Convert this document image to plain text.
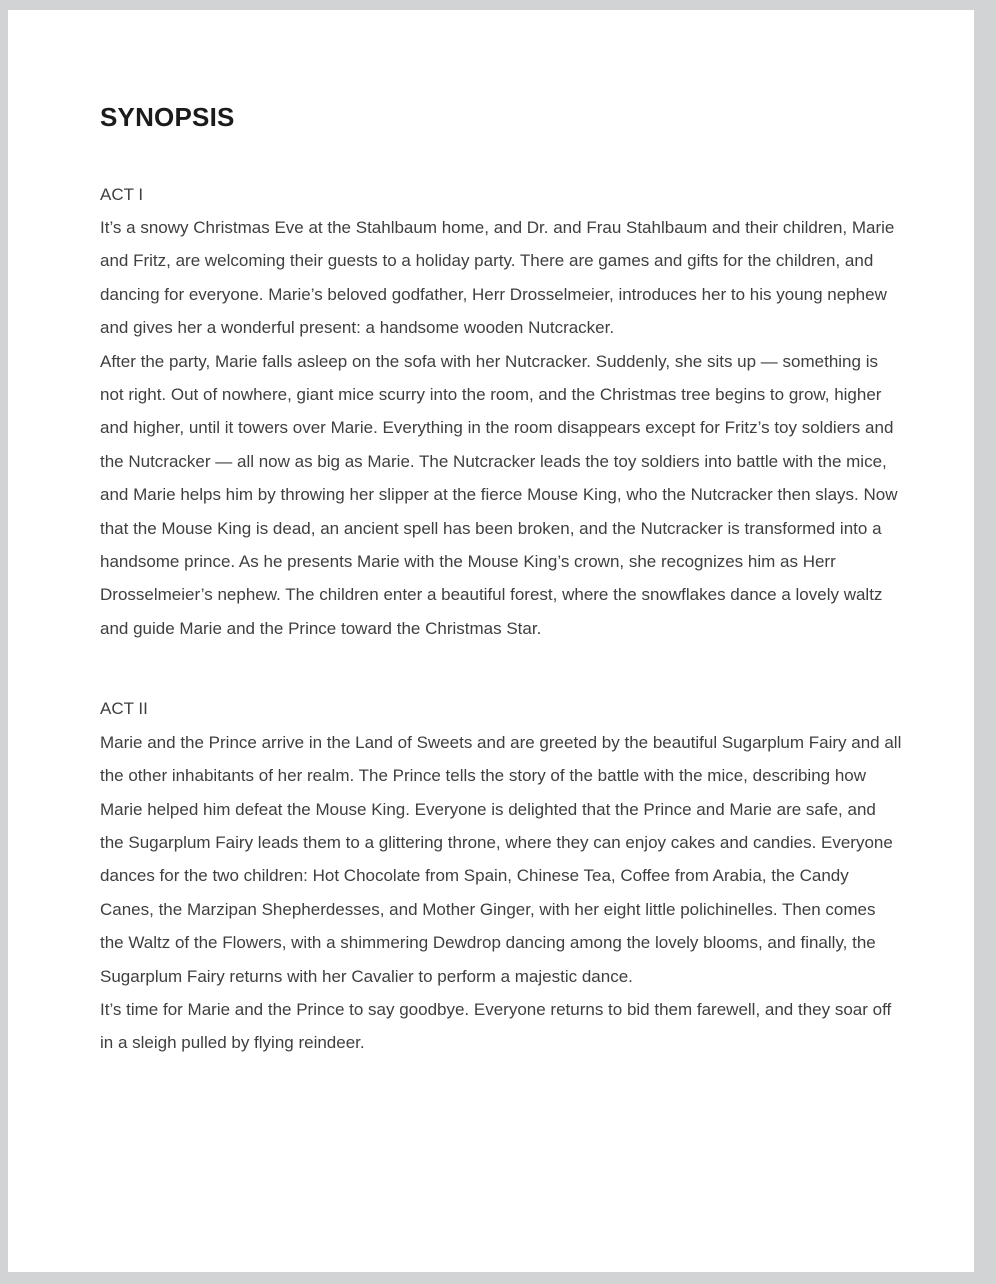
SYNOPSIS

ACT I

It’s a snowy Christmas Eve at the Stahlbaum home, and Dr. and Frau Stahlbaum and their children, Marie and Fritz, are welcoming their guests to a holiday party. There are games and gifts for the children, and dancing for everyone. Marie’s beloved godfather, Herr Drosselmeier, introduces her to his young nephew and gives her a wonderful present: a handsome wooden Nutcracker.

After the party, Marie falls asleep on the sofa with her Nutcracker. Suddenly, she sits up — something is not right. Out of nowhere, giant mice scurry into the room, and the Christmas tree begins to grow, higher and higher, until it towers over Marie. Everything in the room disappears except for Fritz’s toy soldiers and the Nutcracker — all now as big as Marie. The Nutcracker leads the toy soldiers into battle with the mice, and Marie helps him by throwing her slipper at the fierce Mouse King, who the Nutcracker then slays. Now that the Mouse King is dead, an ancient spell has been broken, and the Nutcracker is transformed into a handsome prince. As he presents Marie with the Mouse King’s crown, she recognizes him as Herr Drosselmeier’s nephew. The children enter a beautiful forest, where the snowflakes dance a lovely waltz and guide Marie and the Prince toward the Christmas Star.

ACT II

Marie and the Prince arrive in the Land of Sweets and are greeted by the beautiful Sugarplum Fairy and all the other inhabitants of her realm. The Prince tells the story of the battle with the mice, describing how Marie helped him defeat the Mouse King. Everyone is delighted that the Prince and Marie are safe, and the Sugarplum Fairy leads them to a glittering throne, where they can enjoy cakes and candies. Everyone dances for the two children: Hot Chocolate from Spain, Chinese Tea, Coffee from Arabia, the Candy Canes, the Marzipan Shepherdesses, and Mother Ginger, with her eight little polichinelles. Then comes the Waltz of the Flowers, with a shimmering Dewdrop dancing among the lovely blooms, and finally, the Sugarplum Fairy returns with her Cavalier to perform a majestic dance.

It’s time for Marie and the Prince to say goodbye. Everyone returns to bid them farewell, and they soar off in a sleigh pulled by flying reindeer.
